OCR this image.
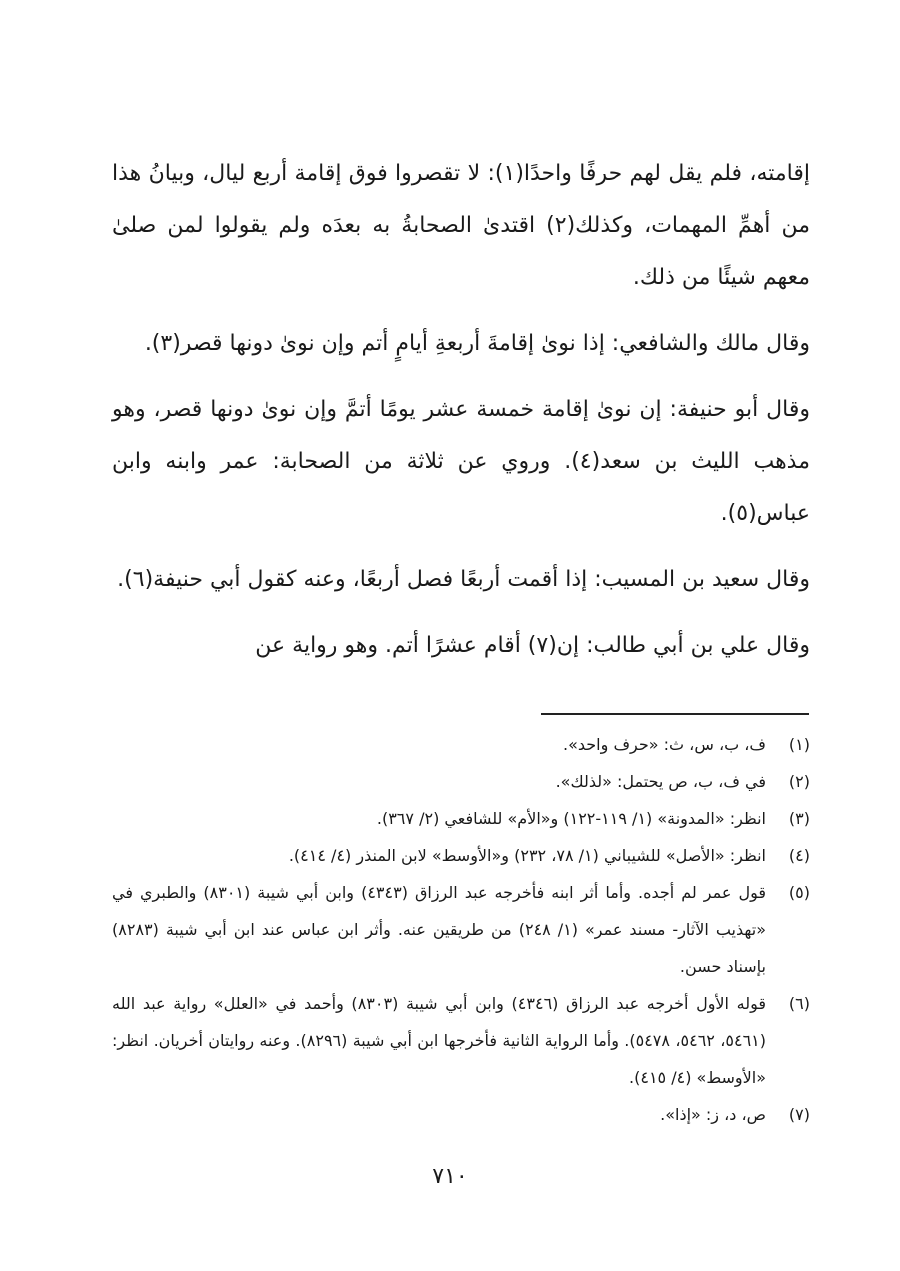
إقامته، فلم يقل لهم حرفًا واحدًا(١): لا تقصروا فوق إقامة أربع ليال، وبيانُ هذا من أهمِّ المهمات، وكذلك(٢) اقتدىٰ الصحابةُ به بعدَه ولم يقولوا لمن صلىٰ معهم شيئًا من ذلك.

وقال مالك والشافعي: إذا نوىٰ إقامةَ أربعةِ أيامٍ أتم وإن نوىٰ دونها قصر(٣).

وقال أبو حنيفة: إن نوىٰ إقامة خمسة عشر يومًا أتمَّ وإن نوىٰ دونها قصر، وهو مذهب الليث بن سعد(٤). وروي عن ثلاثة من الصحابة: عمر وابنه وابن عباس(٥).

وقال سعيد بن المسيب: إذا أقمت أربعًا فصل أربعًا، وعنه كقول أبي حنيفة(٦).

وقال علي بن أبي طالب: إن(٧) أقام عشرًا أتم. وهو رواية عن

(١)
ف، ب، س، ث: «حرف واحد».
(٢)
في ف، ب، ص يحتمل: «لذلك».
(٣)
انظر: «المدونة» (١/ ١١٩-١٢٢) و«الأم» للشافعي (٢/ ٣٦٧).
(٤)
انظر: «الأصل» للشيباني (١/ ٧٨، ٢٣٢) و«الأوسط» لابن المنذر (٤/ ٤١٤).
(٥)
قول عمر لم أجده. وأما أثر ابنه فأخرجه عبد الرزاق (٤٣٤٣) وابن أبي شيبة (٨٣٠١) والطبري في «تهذيب الآثار- مسند عمر» (١/ ٢٤٨) من طريقين عنه. وأثر ابن عباس عند ابن أبي شيبة (٨٢٨٣) بإسناد حسن.
(٦)
قوله الأول أخرجه عبد الرزاق (٤٣٤٦) وابن أبي شيبة (٨٣٠٣) وأحمد في «العلل» رواية عبد الله (٥٤٦١، ٥٤٦٢، ٥٤٧٨). وأما الرواية الثانية فأخرجها ابن أبي شيبة (٨٢٩٦). وعنه روايتان أخريان. انظر: «الأوسط» (٤/ ٤١٥).
(٧)
ص، د، ز: «إذا».
٧١٠
